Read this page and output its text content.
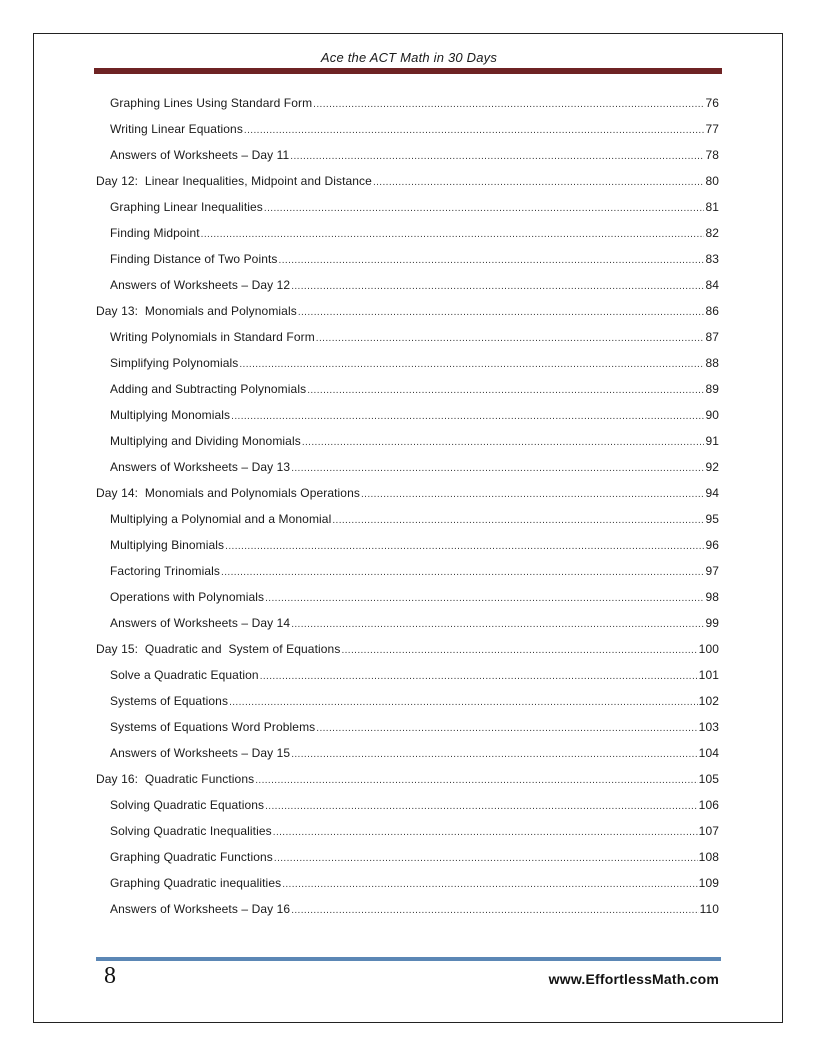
Ace the ACT Math in 30 Days
Graphing Lines Using Standard Form .....	76
Writing Linear Equations .....	77
Answers of Worksheets – Day 11 .....	78
Day 12:  Linear Inequalities, Midpoint and Distance .....	80
Graphing Linear Inequalities .....	81
Finding Midpoint .....	82
Finding Distance of Two Points .....	83
Answers of Worksheets – Day 12 .....	84
Day 13:  Monomials and Polynomials .....	86
Writing Polynomials in Standard Form .....	87
Simplifying Polynomials .....	88
Adding and Subtracting Polynomials .....	89
Multiplying Monomials .....	90
Multiplying and Dividing Monomials .....	91
Answers of Worksheets – Day 13 .....	92
Day 14:  Monomials and Polynomials Operations .....	94
Multiplying a Polynomial and a Monomial .....	95
Multiplying Binomials .....	96
Factoring Trinomials .....	97
Operations with Polynomials .....	98
Answers of Worksheets – Day 14 .....	99
Day 15:  Quadratic and  System of Equations .....	100
Solve a Quadratic Equation .....	101
Systems of Equations .....	102
Systems of Equations Word Problems .....	103
Answers of Worksheets – Day 15 .....	104
Day 16:  Quadratic Functions .....	105
Solving Quadratic Equations .....	106
Solving Quadratic Inequalities .....	107
Graphing Quadratic Functions .....	108
Graphing Quadratic inequalities .....	109
Answers of Worksheets – Day 16 .....	110
8	www.EffortlessMath.com
